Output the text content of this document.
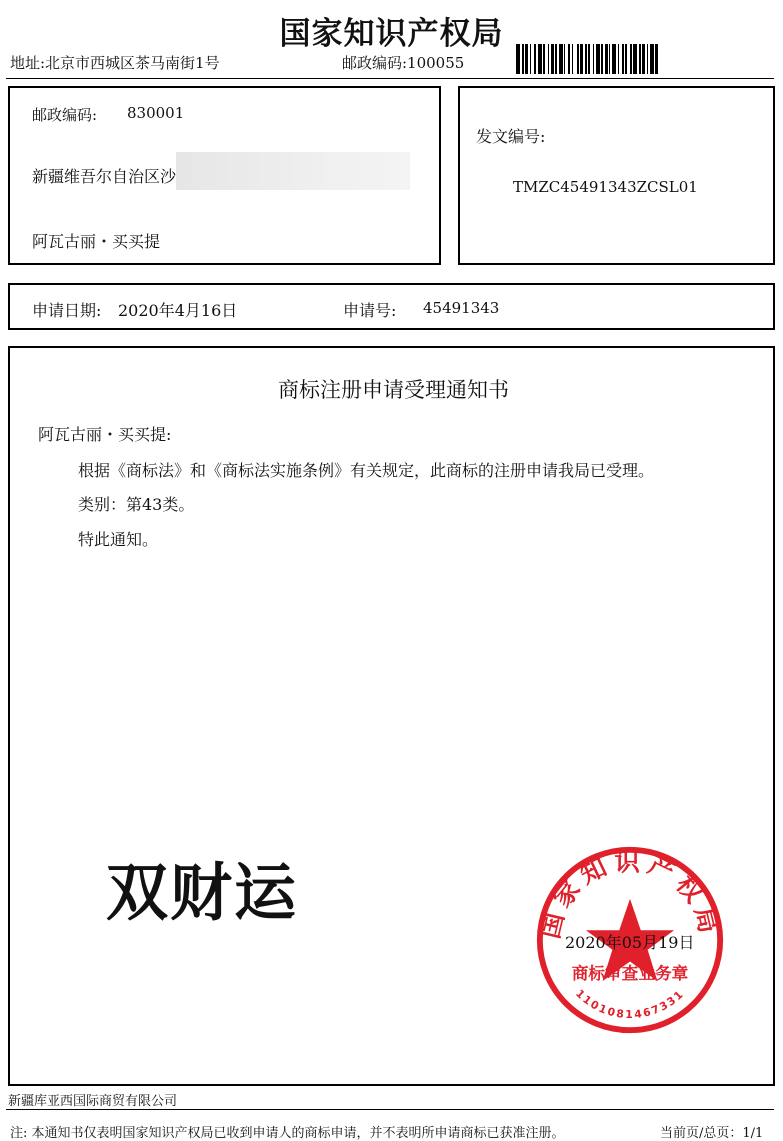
国家知识产权局
地址:北京市西城区茶马南街1号	邮政编码:100055
邮政编码: 830001
新疆维吾尔自治区沙
阿瓦古丽・买买提
发文编号:
TMZC45491343ZCSL01
申请日期: 2020年4月16日	申请号: 45491343
商标注册申请受理通知书
阿瓦古丽・买买提:
根据《商标法》和《商标法实施条例》有关规定，此商标的注册申请我局已受理。
类别：第43类。
特此通知。
双财运	国家知识产权局
商标审查业务章
1101081467331
2020年05月19日
新疆库亚西国际商贸有限公司
注: 本通知书仅表明国家知识产权局已收到申请人的商标申请，并不表明所申请商标已获准注册。	当前页/总页：1/1
